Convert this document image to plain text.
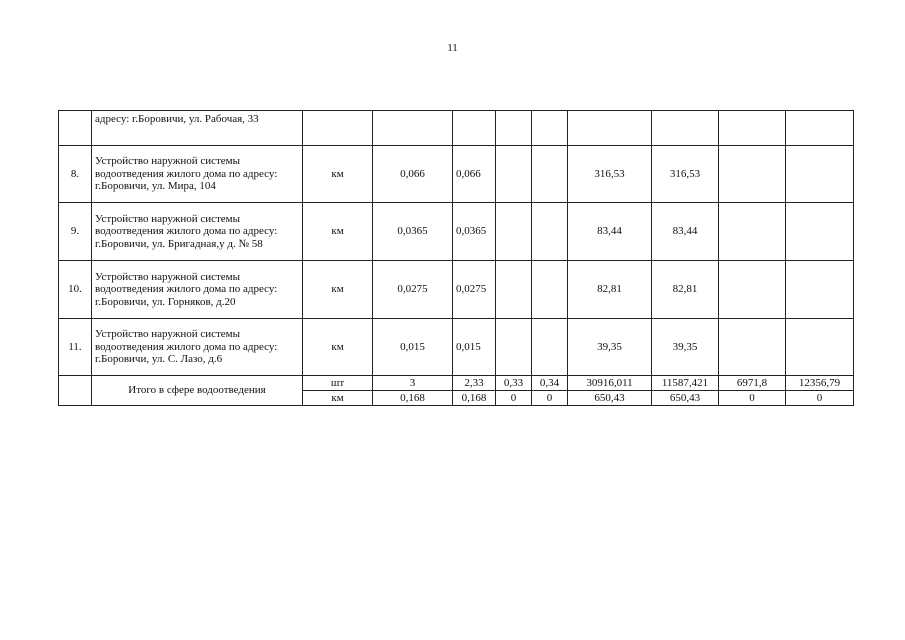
11
	адресу: г.Боровичи, ул. Рабочая, 33									
8.	Устройство наружной системы водоотведения жилого дома по адресу: г.Боровичи, ул. Мира, 104	км	0,066	0,066			316,53	316,53		
9.	Устройство наружной системы водоотведения жилого дома по адресу: г.Боровичи, ул. Бригадная,у д. № 58	км	0,0365	0,0365			83,44	83,44		
10.	Устройство наружной системы водоотведения жилого дома по адресу: г.Боровичи, ул. Горняков, д.20	км	0,0275	0,0275			82,81	82,81		
11.	Устройство наружной системы водоотведения жилого дома по адресу: г.Боровичи, ул. С. Лазо, д.6	км	0,015	0,015			39,35	39,35		
	Итого в сфере водоотведения	шт	3	2,33	0,33	0,34	30916,011	11587,421	6971,8	12356,79
		км	0,168	0,168	0	0	650,43	650,43	0	0
